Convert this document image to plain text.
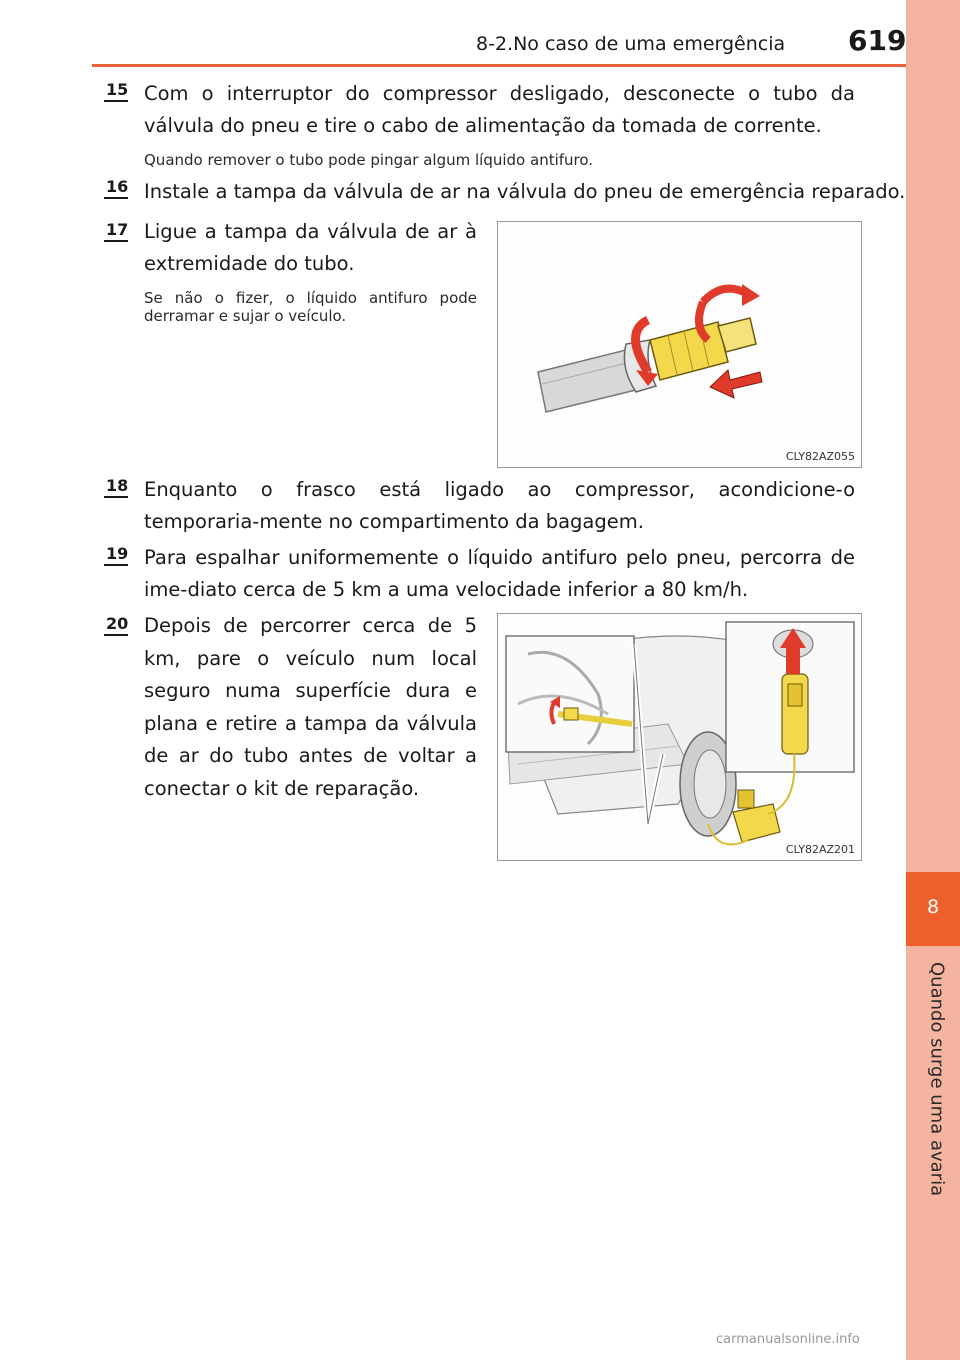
8-2.No caso de uma emergência 619
8
Quando surge uma avaria
15 Com o interruptor do compressor desligado, desconecte o tubo da válvula do pneu e tire o cabo de alimentação da tomada de corrente.

Quando remover o tubo pode pingar algum líquido antifuro.

16 Instale a tampa da válvula de ar na válvula do pneu de emergência reparado.

17 Ligue a tampa da válvula de ar à extremidade do tubo.

Se não o fizer, o líquido antifuro pode derramar e sujar o veículo.

CLY82AZ055
18 Enquanto o frasco está ligado ao compressor, acondicione-o temporaria-mente no compartimento da bagagem.

19 Para espalhar uniformemente o líquido antifuro pelo pneu, percorra de ime-diato cerca de 5 km a uma velocidade inferior a 80 km/h.

20 Depois de percorrer cerca de 5 km, pare o veículo num local seguro numa superfície dura e plana e retire a tampa da válvula de ar do tubo antes de voltar a conectar o kit de reparação.

CLY82AZ201
carmanualsonline.info
